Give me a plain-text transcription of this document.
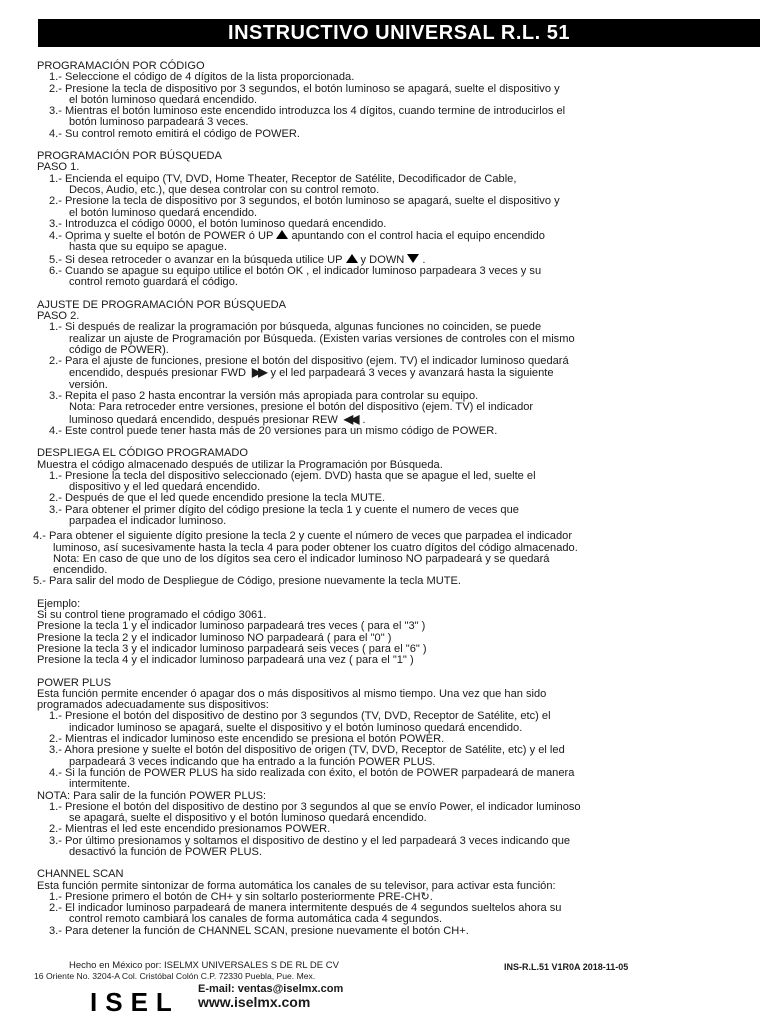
INSTRUCTIVO UNIVERSAL R.L. 51
PROGRAMACIÓN POR CÓDIGO
1.- Seleccione el código de 4 dígitos de la lista proporcionada.
2.- Presione la tecla de dispositivo por 3 segundos, el botón luminoso se apagará, suelte el dispositivo y
el botón luminoso quedará encendido.
3.- Mientras el botón luminoso este encendido introduzca los 4 dígitos, cuando termine de introducirlos el
botón luminoso parpadeará 3 veces.
4.- Su control remoto emitirá el código de POWER.
PROGRAMACIÓN POR BÚSQUEDA
PASO 1.
1.- Encienda el equipo (TV, DVD, Home Theater, Receptor de Satélite, Decodificador de Cable,
Decos, Audio, etc.), que desea controlar con su control remoto.
2.- Presione la tecla de dispositivo por 3 segundos, el botón luminoso se apagará, suelte el dispositivo y
el botón luminoso quedará encendido.
3.- Introduzca el código 0000, el botón luminoso quedará encendido.
4.- Oprima y suelte el botón de POWER ó UP apuntando con el control hacia el equipo encendido
hasta que su equipo se apague.
5.- Si desea retroceder o avanzar en la búsqueda utilice UP y DOWN .
6.- Cuando se apague su equipo utilice el botón OK , el indicador luminoso parpadeara 3 veces y su
control remoto guardará el código.
AJUSTE DE PROGRAMACIÓN POR BÚSQUEDA
PASO 2.
1.- Si después de realizar la programación por búsqueda, algunas funciones no coinciden, se puede
realizar un ajuste de Programación por Búsqueda. (Existen varias versiones de controles con el mismo
código de POWER).
2.- Para el ajuste de funciones, presione el botón del dispositivo (ejem. TV) el indicador luminoso quedará
encendido, después presionar FWD ▶▶ y el led parpadeará 3 veces y avanzará hasta la siguiente
versión.
3.- Repita el paso 2 hasta encontrar la versión más apropiada para controlar su equipo.
Nota: Para retroceder entre versiones, presione el botón del dispositivo (ejem. TV) el indicador
luminoso quedará encendido, después presionar REW ◀◀ .
4.- Este control puede tener hasta más de 20 versiones para un mismo código de POWER.
DESPLIEGA EL CÓDIGO PROGRAMADO
Muestra el código almacenado después de utilizar la Programación por Búsqueda.
1.- Presione la tecla del dispositivo seleccionado (ejem. DVD) hasta que se apague el led, suelte el
dispositivo y el led quedará encendido.
2.- Después de que el led quede encendido presione la tecla MUTE.
3.- Para obtener el primer dígito del código presione la tecla 1 y cuente el numero de veces que
parpadea el indicador luminoso.
4.- Para obtener el siguiente dígito presione la tecla 2 y cuente el número de veces que parpadea el indicador
luminoso, así sucesivamente hasta la tecla 4 para poder obtener los cuatro dígitos del código almacenado.
Nota: En caso de que uno de los dígitos sea cero el indicador luminoso NO parpadeará y se quedará
encendido.
5.- Para salir del modo de Despliegue de Código, presione nuevamente la tecla MUTE.
Ejemplo:
Si su control tiene programado el código 3061.
Presione la tecla 1 y el indicador luminoso parpadeará tres veces ( para el "3" )
Presione la tecla 2 y el indicador luminoso NO parpadeará ( para el "0" )
Presione la tecla 3 y el indicador luminoso parpadeará seis veces ( para el "6" )
Presione la tecla 4 y el indicador luminoso parpadeará una vez ( para el "1" )
POWER PLUS
Esta función permite encender ó apagar dos o más dispositivos al mismo tiempo. Una vez que han sido
programados adecuadamente sus dispositivos:
1.- Presione el botón del dispositivo de destino por 3 segundos (TV, DVD, Receptor de Satélite, etc) el
indicador luminoso se apagará, suelte el dispositivo y el botón luminoso quedará encendido.
2.- Mientras el indicador luminoso este encendido se presiona el botón POWER.
3.- Ahora presione y suelte el botón del dispositivo de origen (TV, DVD, Receptor de Satélite, etc) y el led
parpadeará 3 veces indicando que ha entrado a la función POWER PLUS.
4.- Si la función de POWER PLUS ha sido realizada con éxito, el botón de POWER parpadeará de manera
intermitente.
NOTA: Para salir de la función POWER PLUS:
1.- Presione el botón del dispositivo de destino por 3 segundos al que se envío Power, el indicador luminoso
se apagará, suelte el dispositivo y el botón luminoso quedará encendido.
2.- Mientras el led este encendido presionamos POWER.
3.- Por último presionamos y soltamos el dispositivo de destino y el led parpadeará 3 veces indicando que
desactivó la función de POWER PLUS.
CHANNEL SCAN
Esta función permite sintonizar de forma automática los canales de su televisor, para activar esta función:
1.- Presione primero el botón de CH+ y sin soltarlo posteriormente PRE-CH↻.
2.- El indicador luminoso parpadeará de manera intermitente después de 4 segundos sueltelos ahora su
control remoto cambiará los canales de forma automática cada 4 segundos.
3.- Para detener la función de CHANNEL SCAN, presione nuevamente el botón CH+.
Hecho en México por: ISELMX UNIVERSALES S DE RL DE CV
16 Oriente No. 3204-A Col. Cristóbal Colón C.P. 72330 Puebla, Pue. Mex.
ISEL E-mail: ventas@iselmx.com
www.iselmx.com
INS-R.L.51 V1R0A 2018-11-05
